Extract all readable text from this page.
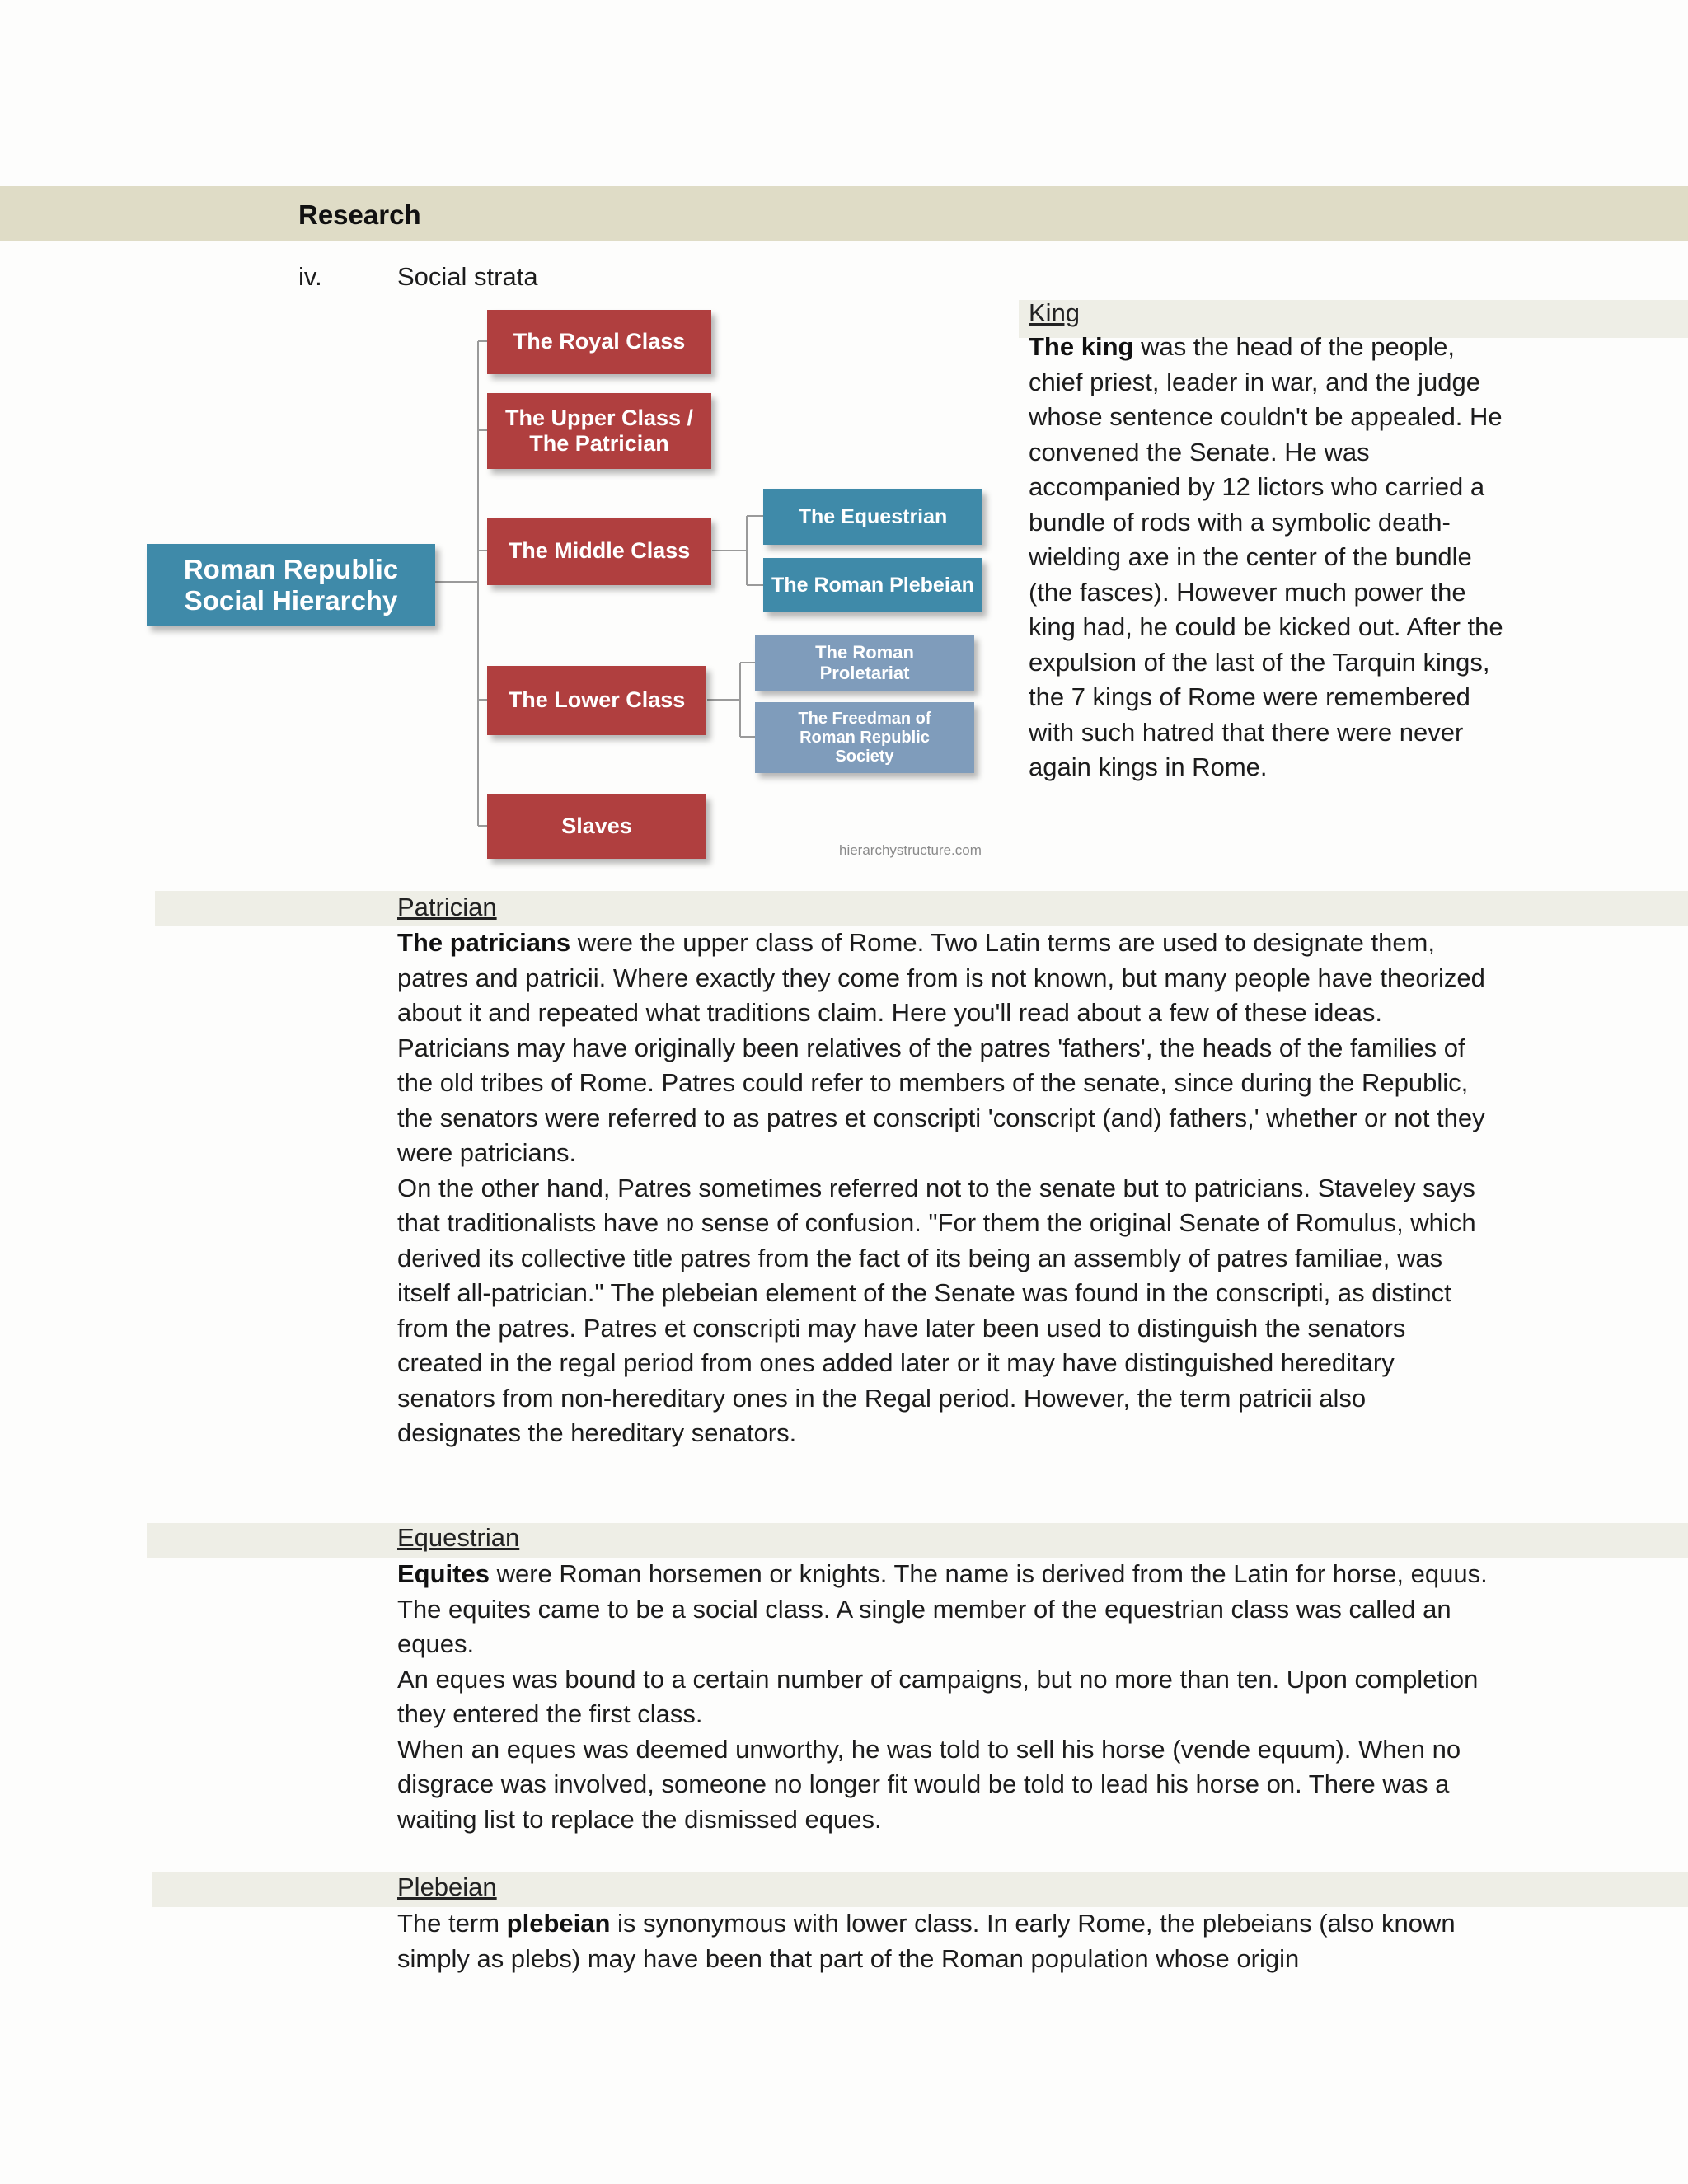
Research
iv.	Social strata
Roman Republic
Social Hierarchy
The Royal Class
The Upper Class /
The Patrician
The Middle Class
The Lower Class
Slaves
The Equestrian
The Roman Plebeian
The Roman
Proletariat
The Freedman of
Roman Republic
Society
hierarchystructure.com
King

The king was the head of the people, chief priest, leader in war, and the judge whose sentence couldn't be appealed. He convened the Senate. He was accompanied by 12 lictors who carried a bundle of rods with a symbolic death-wielding axe in the center of the bundle (the fasces). However much power the king had, he could be kicked out. After the expulsion of the last of the Tarquin kings, the 7 kings of Rome were remembered with such hatred that there were never again kings in Rome.

Patrician

The patricians were the upper class of Rome. Two Latin terms are used to designate them, patres and patricii. Where exactly they come from is not known, but many people have theorized about it and repeated what traditions claim. Here you'll read about a few of these ideas.

Patricians may have originally been relatives of the patres 'fathers', the heads of the families of the old tribes of Rome. Patres could refer to members of the senate, since during the Republic, the senators were referred to as patres et conscripti 'conscript (and) fathers,' whether or not they were patricians.

On the other hand, Patres sometimes referred not to the senate but to patricians. Staveley says that traditionalists have no sense of confusion. "For them the original Senate of Romulus, which derived its collective title patres from the fact of its being an assembly of patres familiae, was itself all-patrician." The plebeian element of the Senate was found in the conscripti, as distinct from the patres. Patres et conscripti may have later been used to distinguish the senators created in the regal period from ones added later or it may have distinguished hereditary senators from non-hereditary ones in the Regal period. However, the term patricii also designates the hereditary senators.

Equestrian

Equites were Roman horsemen or knights. The name is derived from the Latin for horse, equus. The equites came to be a social class. A single member of the equestrian class was called an eques.

An eques was bound to a certain number of campaigns, but no more than ten. Upon completion they entered the first class.

When an eques was deemed unworthy, he was told to sell his horse (vende equum). When no disgrace was involved, someone no longer fit would be told to lead his horse on. There was a waiting list to replace the dismissed eques.

Plebeian

The term plebeian is synonymous with lower class. In early Rome, the plebeians (also known simply as plebs) may have been that part of the Roman population whose origin
